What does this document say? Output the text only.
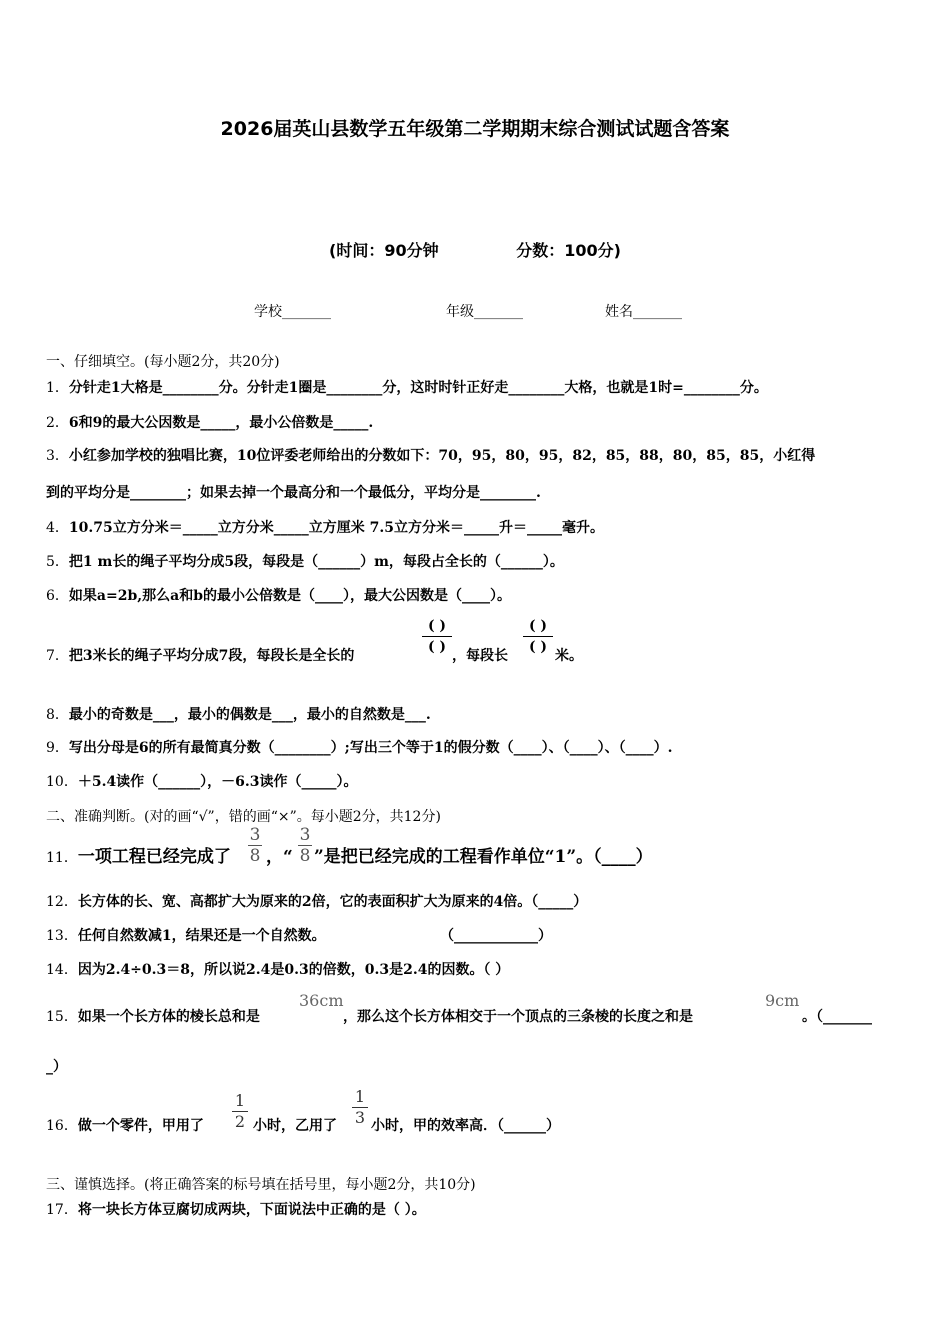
2026届英山县数学五年级第二学期期末综合测试试题含答案
(时间：90分钟	分数：100分)
学校_______	年级_______	姓名_______
一、仔细填空。(每小题2分，共20分)
1．分针走1大格是________分。分针走1圈是________分，这时时针正好走________大格，也就是1时=________分。
2．6和9的最大公因数是_____，最小公倍数是_____.
3．小红参加学校的独唱比赛，10位评委老师给出的分数如下：70，95，80，95，82，85，88，80，85，85，小红得
到的平均分是________；如果去掉一个最高分和一个最低分，平均分是________.
4．10.75立方分米＝_____立方分米_____立方厘米 7.5立方分米＝_____升＝_____毫升。
5．把1 m长的绳子平均分成5段，每段是（______）m，每段占全长的（______）。
6．如果a=2b,那么a和b的最小公倍数是（____），最大公因数是（____）。
7．把3米长的绳子平均分成7段，每段长是全长的
( )
( )
，每段长
( )
( )
米。
8．最小的奇数是___，最小的偶数是___，最小的自然数是___.
9．写出分母是6的所有最简真分数（________）;写出三个等于1的假分数（____）、（____）、（____）.
10．＋5.4读作（______），－6.3读作（_____）。
二、准确判断。(对的画“√”，错的画“×”。每小题2分，共12分)
11．一项工程已经完成了
3
8 ，“
3
8 ”是把已经完成的工程看作单位“1”。（____）
12．长方体的长、宽、高都扩大为原来的2倍，它的表面积扩大为原来的4倍。（_____）
13．任何自然数减1，结果还是一个自然数。	（____________）
14．因为2.4÷0.3＝8，所以说2.4是0.3的倍数，0.3是2.4的因数。（ ）
15．如果一个长方体的棱长总和是
36cm
，那么这个长方体相交于一个顶点的三条棱的长度之和是
9cm
。（_______
_）
16．做一个零件，甲用了
1
2 小时，乙用了
1
3 小时，甲的效率高．（______）
三、谨慎选择。(将正确答案的标号填在括号里，每小题2分，共10分)
17．将一块长方体豆腐切成两块，下面说法中正确的是（ ）。
